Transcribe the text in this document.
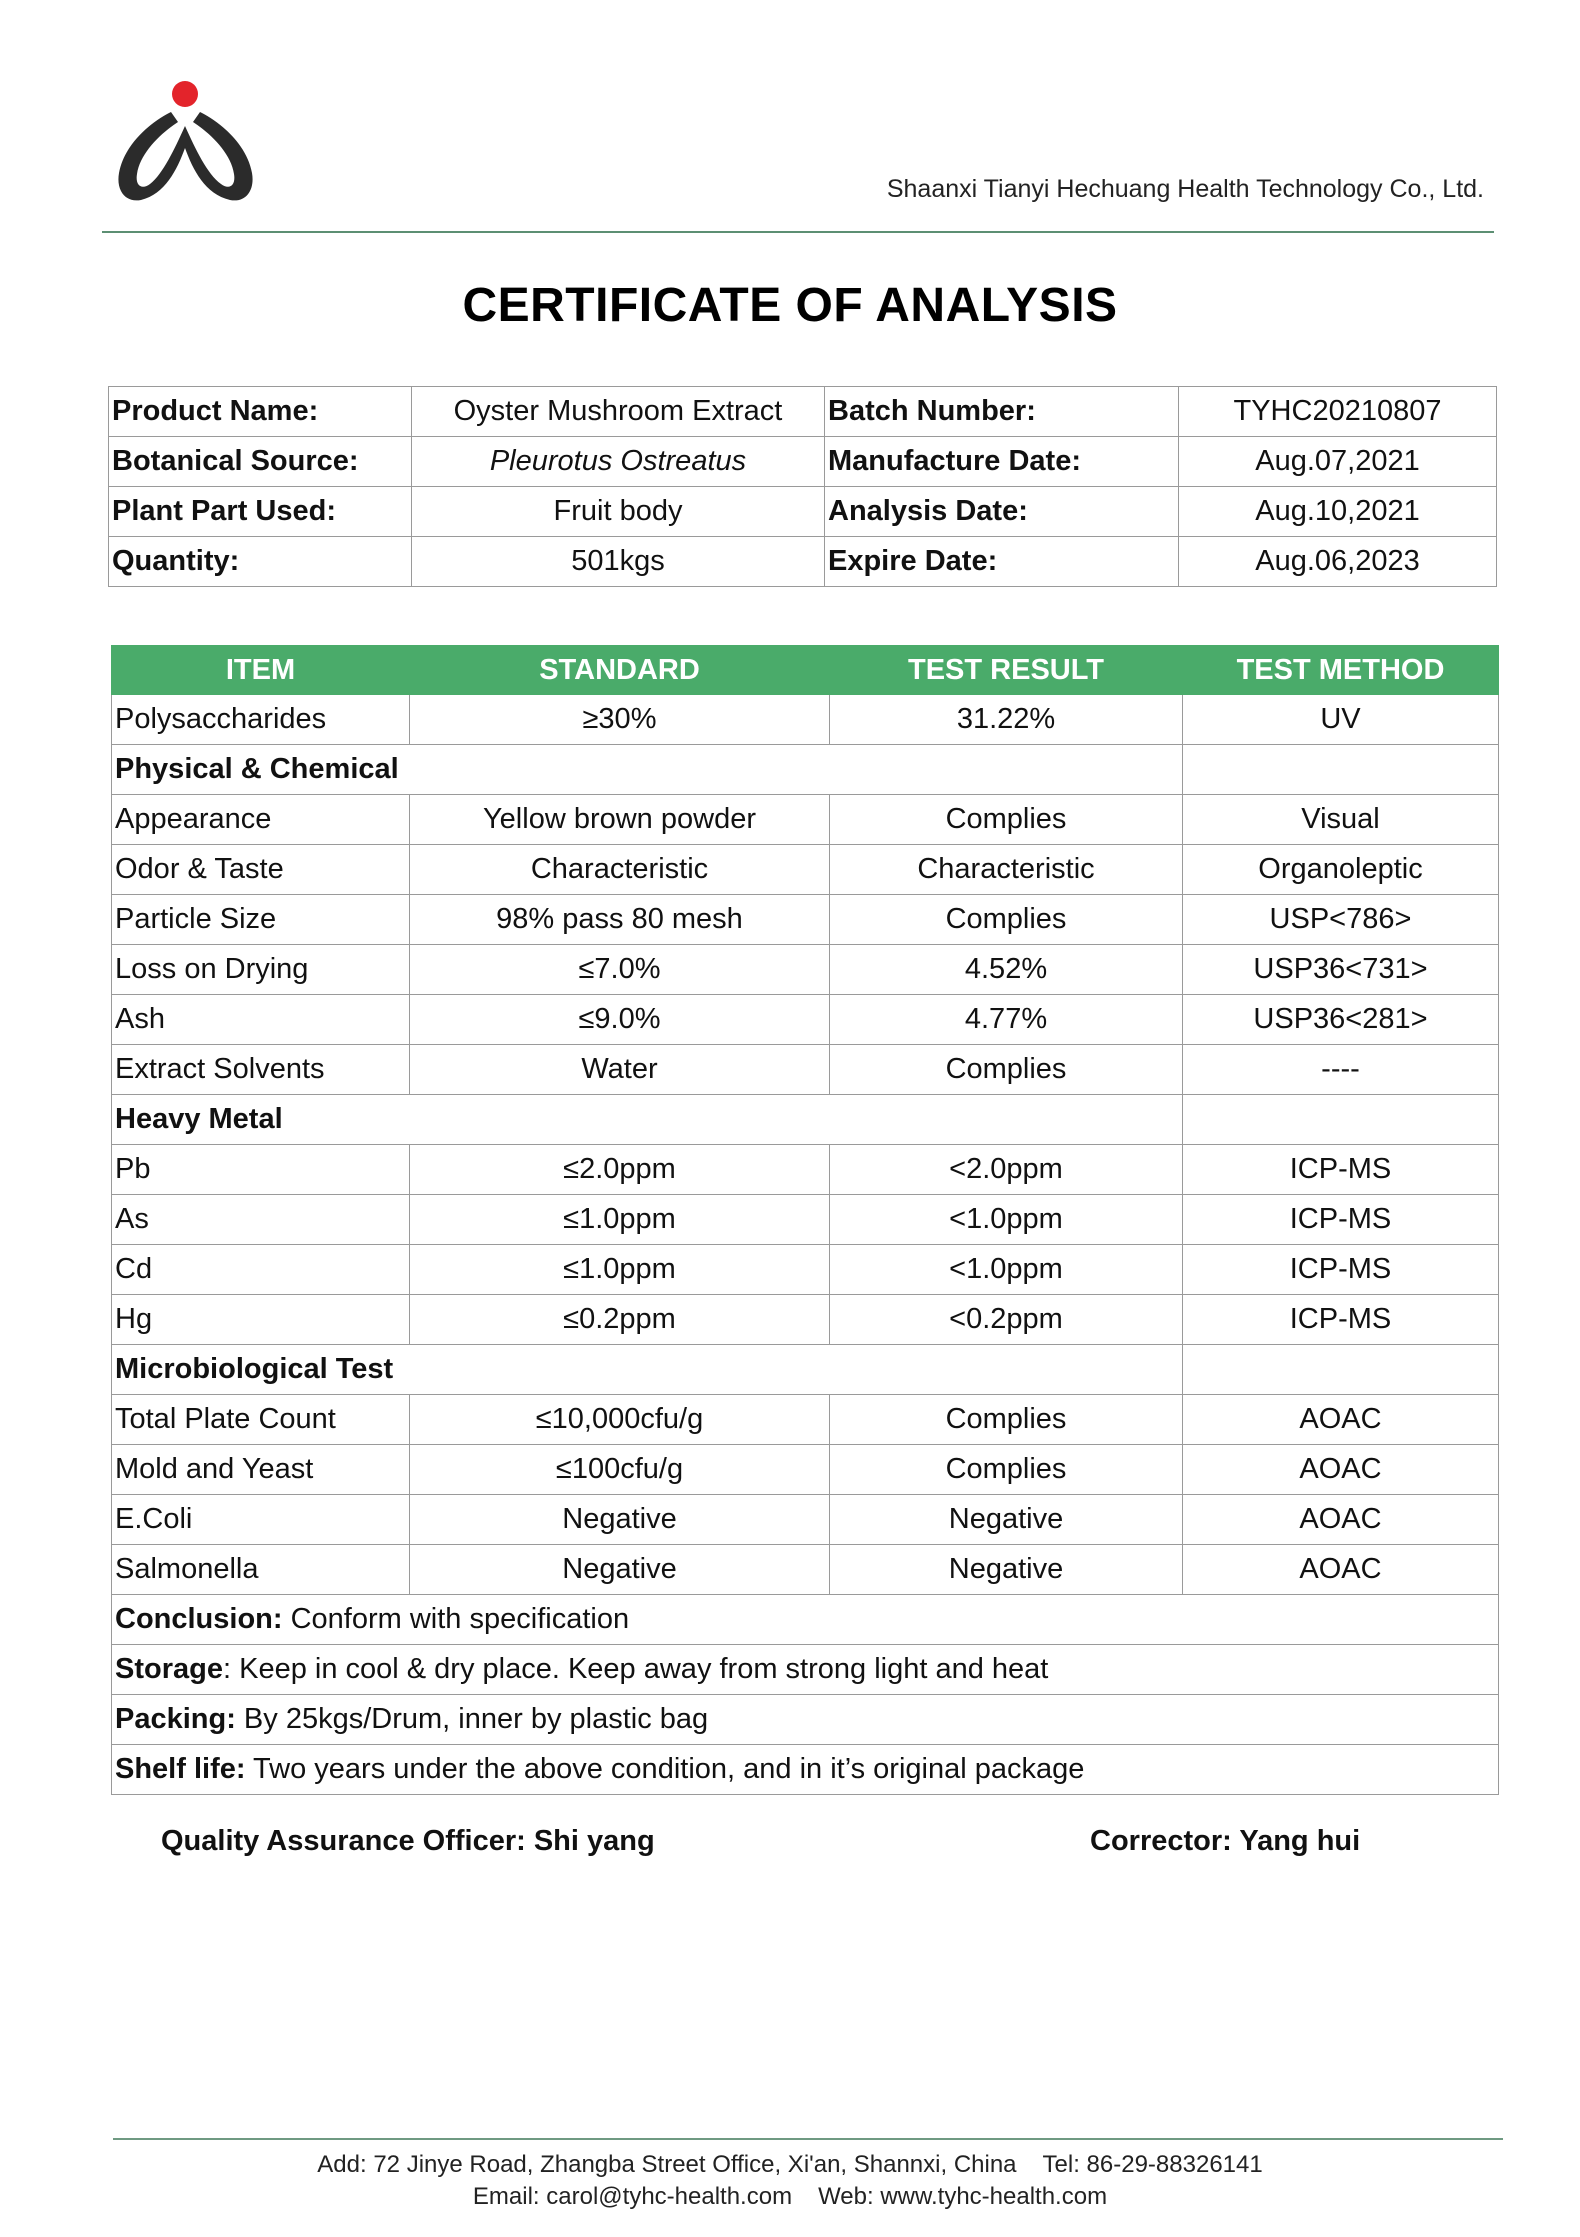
Shaanxi Tianyi Hechuang Health Technology Co., Ltd.
CERTIFICATE OF ANALYSIS
Product Name:	Oyster Mushroom Extract	Batch Number:	TYHC20210807
Botanical Source:	Pleurotus Ostreatus	Manufacture Date:	Aug.07,2021
Plant Part Used:	Fruit body	Analysis Date:	Aug.10,2021
Quantity:	501kgs	Expire Date:	Aug.06,2023
ITEM	STANDARD	TEST RESULT	TEST METHOD
Polysaccharides	≥30%	31.22%	UV
Physical & Chemical			
Appearance	Yellow brown powder	Complies	Visual
Odor & Taste	Characteristic	Characteristic	Organoleptic
Particle Size	98% pass 80 mesh	Complies	USP<786>
Loss on Drying	≤7.0%	4.52%	USP36<731>
Ash	≤9.0%	4.77%	USP36<281>
Extract Solvents	Water	Complies	----
Heavy Metal			
Pb	≤2.0ppm	<2.0ppm	ICP-MS
As	≤1.0ppm	<1.0ppm	ICP-MS
Cd	≤1.0ppm	<1.0ppm	ICP-MS
Hg	≤0.2ppm	<0.2ppm	ICP-MS
Microbiological Test			
Total Plate Count	≤10,000cfu/g	Complies	AOAC
Mold and Yeast	≤100cfu/g	Complies	AOAC
E.Coli	Negative	Negative	AOAC
Salmonella	Negative	Negative	AOAC
Conclusion: Conform with specification			
Storage: Keep in cool & dry place. Keep away from strong light and heat			
Packing: By 25kgs/Drum, inner by plastic bag			
Shelf life: Two years under the above condition, and in it’s original package			
Quality Assurance Officer: Shi yang	Corrector: Yang hui
Add: 72 Jinye Road, Zhangba Street Office, Xi'an, Shannxi, China Tel: 86-29-88326141
Email: carol@tyhc-health.com Web: www.tyhc-health.com
